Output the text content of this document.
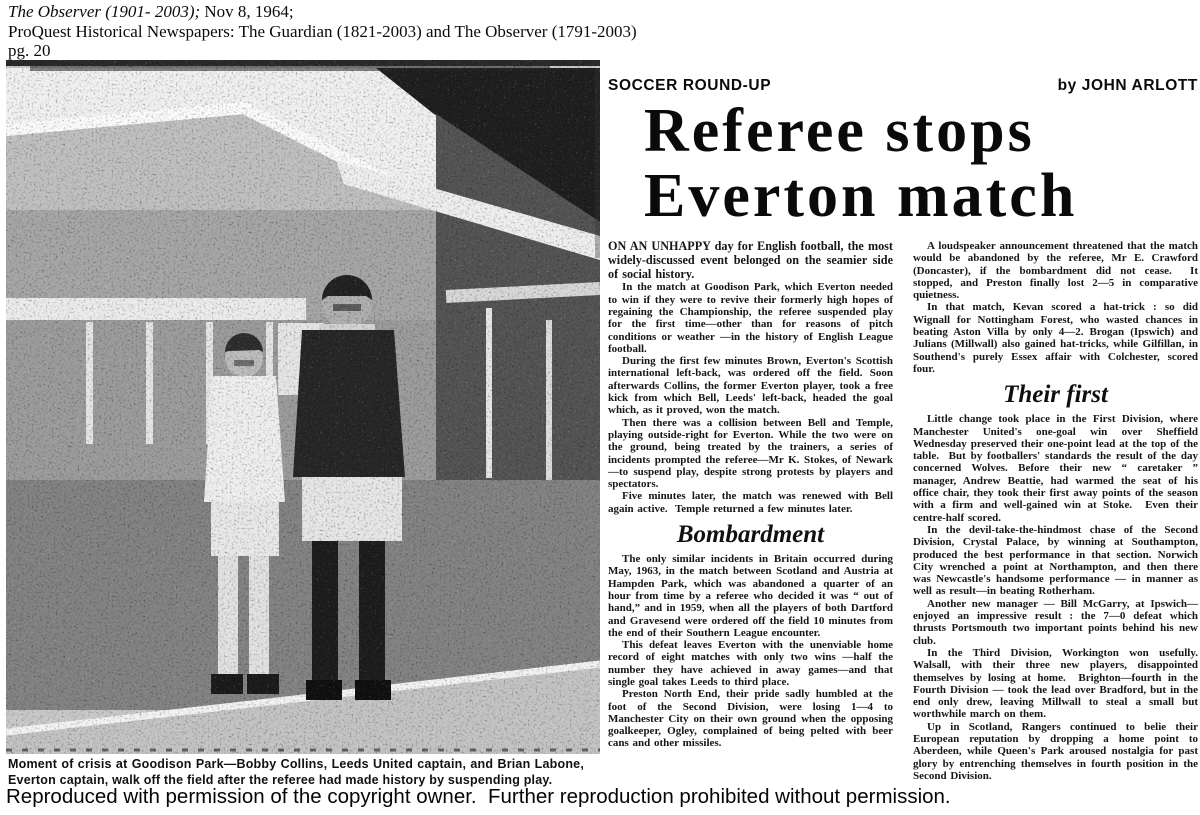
The Observer (1901- 2003); Nov 8, 1964;
ProQuest Historical Newspapers: The Guardian (1821-2003) and The Observer (1791-2003)
pg. 20
Moment of crisis at Goodison Park—Bobby Collins, Leeds United captain, and Brian Labone, Everton captain, walk off the field after the referee had made history by suspending play.
Reproduced with permission of the copyright owner.  Further reproduction prohibited without permission.
SOCCER ROUND-UP	by JOHN ARLOTT
Referee stops
Everton match

ON AN UNHAPPY day for English football, the most widely-discussed event belonged on the seamier side of social history.

In the match at Goodison Park, which Everton needed to win if they were to revive their formerly high hopes of regaining the Championship, the referee suspended play for the first time—other than for reasons of pitch conditions or weather —in the history of English League football.

During the first few minutes Brown, Everton's Scottish international left-back, was ordered off the field. Soon afterwards Collins, the former Everton player, took a free kick from which Bell, Leeds' left-back, headed the goal which, as it proved, won the match.

Then there was a collision between Bell and Temple, playing outside-right for Everton. While the two were on the ground, being treated by the trainers, a series of incidents prompted the referee—Mr K. Stokes, of Newark—to suspend play, despite strong protests by players and spectators.

Five minutes later, the match was renewed with Bell again active.  Temple returned a few minutes later.

Bombardment

The only similar incidents in Britain occurred during May, 1963, in the match between Scotland and Austria at Hampden Park, which was abandoned a quarter of an hour from time by a referee who decided it was “ out of hand,” and in 1959, when all the players of both Dartford and Gravesend were ordered off the field 10 minutes from the end of their Southern League encounter.

This defeat leaves Everton with the unenviable home record of eight matches with only two wins —half the number they have achieved in away games—and that single goal takes Leeds to third place.

Preston North End, their pride sadly humbled at the foot of the Second Division, were losing 1—4 to Manchester City on their own ground when the opposing goalkeeper, Ogley, complained of being pelted with beer cans and other missiles.

A loudspeaker announcement threatened that the match would be abandoned by the referee, Mr E. Crawford (Doncaster), if the bombardment did not cease.  It stopped, and Preston finally lost 2—5 in comparative quietness.

In that match, Kevan scored a hat-trick : so did Wignall for Nottingham Forest, who wasted chances in beating Aston Villa by only 4—2. Brogan (Ipswich) and Julians (Millwall) also gained hat-tricks, while Gilfillan, in Southend's purely Essex affair with Colchester, scored four.

Their first

Little change took place in the First Division, where Manchester United's one-goal win over Sheffield Wednesday preserved their one-point lead at the top of the table.  But by footballers' standards the result of the day concerned Wolves. Before their new “ caretaker ” manager, Andrew Beattie, had warmed the seat of his office chair, they took their first away points of the season with a firm and well-gained win at Stoke.  Even their centre-half scored.

In the devil-take-the-hindmost chase of the Second Division, Crystal Palace, by winning at Southampton, produced the best performance in that section. Norwich City wrenched a point at Northampton, and then there was Newcastle's handsome performance — in manner as well as result—in beating Rotherham.

Another new manager — Bill McGarry, at Ipswich—enjoyed an impressive result : the 7—0 defeat which thrusts Portsmouth two important points behind his new club.

In the Third Division, Workington won usefully. Walsall, with their three new players, disappointed themselves by losing at home.  Brighton—fourth in the Fourth Division — took the lead over Bradford, but in the end only drew, leaving Millwall to steal a small but worthwhile march on them.

Up in Scotland, Rangers continued to belie their European reputation by dropping a home point to Aberdeen, while Queen's Park aroused nostalgia for past glory by entrenching themselves in fourth position in the Second Division.
